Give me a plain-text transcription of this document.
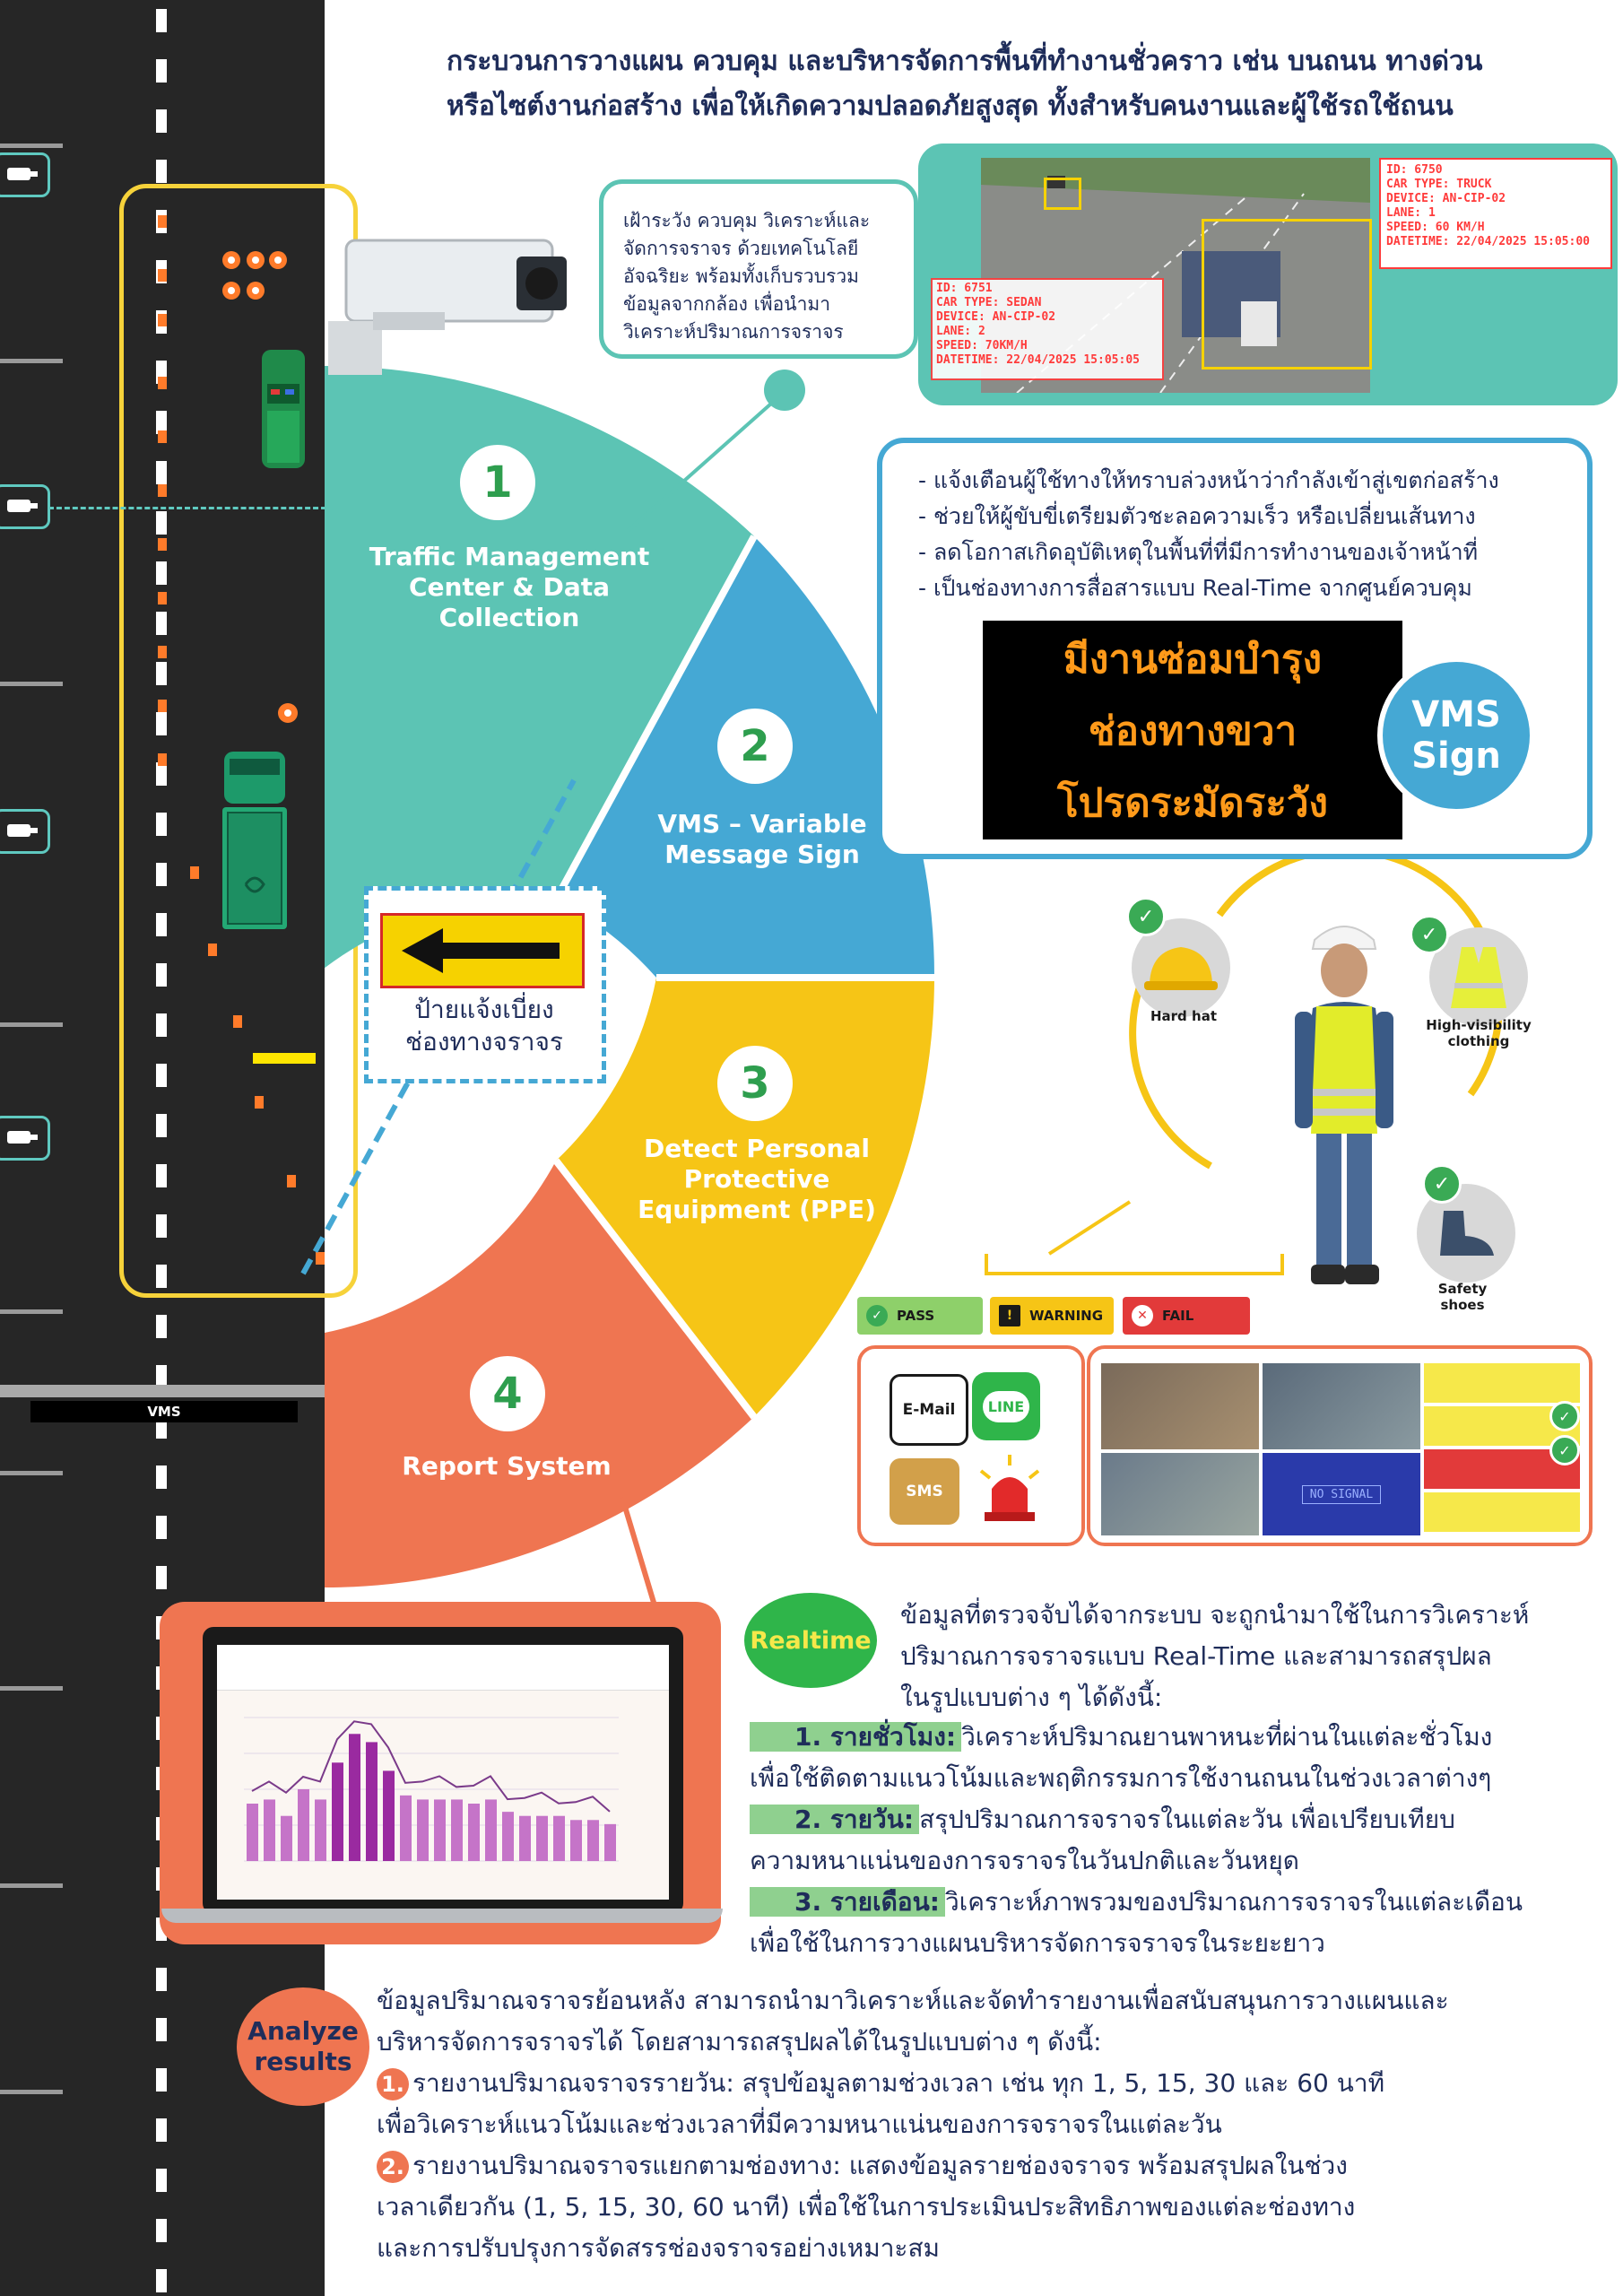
VMS
กระบวนการวางแผน ควบคุม และบริหารจัดการพื้นที่ทำงานชั่วคราว เช่น บนถนน ทางด่วน
หรือไซต์งานก่อสร้าง เพื่อให้เกิดความปลอดภัยสูงสุด ทั้งสำหรับคนงานและผู้ใช้รถใช้ถนน
1
Traffic Management Center & Data Collection
2
VMS – Variable Message Sign
3
Detect Personal Protective Equipment (PPE)
4
Report System
ป้ายแจ้งเบี่ยง
ช่องทางจราจร
เฝ้าระวัง ควบคุม วิเคราะห์และจัดการจราจร ด้วยเทคโนโลยีอัจฉริยะ พร้อมทั้งเก็บรวบรวมข้อมูลจากกล้อง เพื่อนำมาวิเคราะห์ปริมาณการจราจร
ID: 6751
CAR TYPE: SEDAN
DEVICE: AN-CIP-02
LANE: 2
SPEED: 70KM/H
DATETIME: 22/04/2025 15:05:05
ID: 6750
CAR TYPE: TRUCK
DEVICE: AN-CIP-02
LANE: 1
SPEED: 60 KM/H
DATETIME: 22/04/2025 15:05:00
- แจ้งเตือนผู้ใช้ทางให้ทราบล่วงหน้าว่ากำลังเข้าสู่เขตก่อสร้าง
- ช่วยให้ผู้ขับขี่เตรียมตัวชะลอความเร็ว หรือเปลี่ยนเส้นทาง
- ลดโอกาสเกิดอุบัติเหตุในพื้นที่ที่มีการทำงานของเจ้าหน้าที่
- เป็นช่องทางการสื่อสารแบบ Real-Time จากศูนย์ควบคุม
มีงานซ่อมบำรุง
ช่องทางขวา
โปรดระมัดระวัง
VMS
Sign
✓
Hard hat
✓
High-visibility
clothing
✓
Safety
shoes
✓	PASS	!	WARNING	✕	FAIL
E-Mail	LINE
SMS	NO SIGNAL
✓
✓
Realtime
ข้อมูลที่ตรวจจับได้จากระบบ จะถูกนำมาใช้ในการวิเคราะห์
ปริมาณการจราจรแบบ Real-Time และสามารถสรุปผล
ในรูปแบบต่าง ๆ ได้ดังนี้:
1. รายชั่วโมง: วิเคราะห์ปริมาณยานพาหนะที่ผ่านในแต่ละชั่วโมง
เพื่อใช้ติดตามแนวโน้มและพฤติกรรมการใช้งานถนนในช่วงเวลาต่างๆ
2. รายวัน: สรุปปริมาณการจราจรในแต่ละวัน เพื่อเปรียบเทียบ
ความหนาแน่นของการจราจรในวันปกติและวันหยุด
3. รายเดือน: วิเคราะห์ภาพรวมของปริมาณการจราจรในแต่ละเดือน
เพื่อใช้ในการวางแผนบริหารจัดการจราจรในระยะยาว
Analyze
results
ข้อมูลปริมาณจราจรย้อนหลัง สามารถนำมาวิเคราะห์และจัดทำรายงานเพื่อสนับสนุนการวางแผนและ
บริหารจัดการจราจรได้ โดยสามารถสรุปผลได้ในรูปแบบต่าง ๆ ดังนี้:
1. รายงานปริมาณจราจรรายวัน: สรุปข้อมูลตามช่วงเวลา เช่น ทุก 1, 5, 15, 30 และ 60 นาที
เพื่อวิเคราะห์แนวโน้มและช่วงเวลาที่มีความหนาแน่นของการจราจรในแต่ละวัน
2. รายงานปริมาณจราจรแยกตามช่องทาง: แสดงข้อมูลรายช่องจราจร พร้อมสรุปผลในช่วง
เวลาเดียวกัน (1, 5, 15, 30, 60 นาที) เพื่อใช้ในการประเมินประสิทธิภาพของแต่ละช่องทาง
และการปรับปรุงการจัดสรรช่องจราจรอย่างเหมาะสม
